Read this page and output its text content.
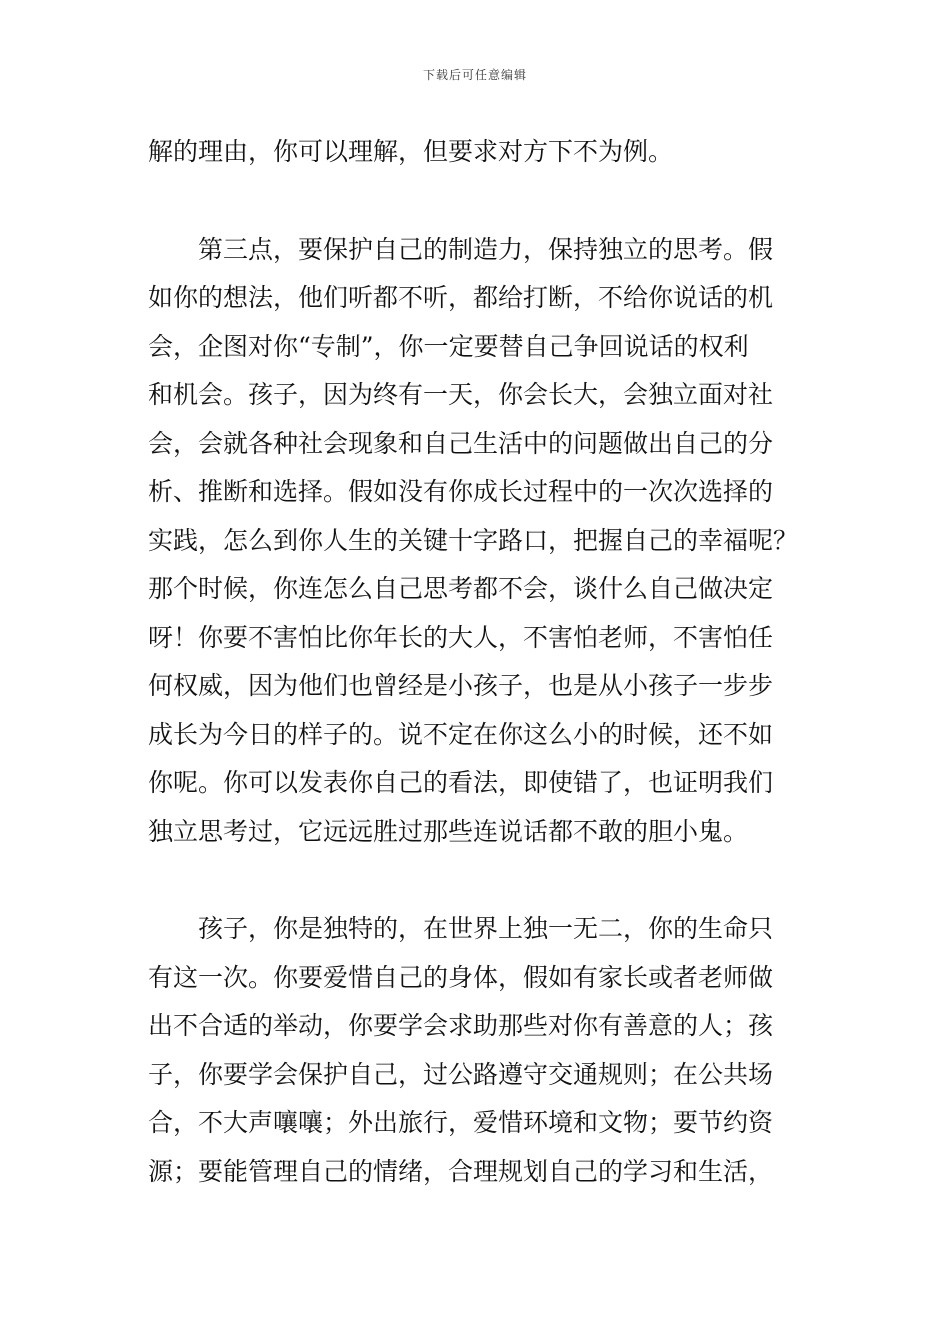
下载后可任意编辑
解的理由，你可以理解，但要求对方下不为例。
　　第三点，要保护自己的制造力，保持独立的思考。假
如你的想法，他们听都不听，都给打断，不给你说话的机
会，企图对你“专制”，你一定要替自己争回说话的权利
和机会。孩子，因为终有一天，你会长大，会独立面对社
会，会就各种社会现象和自己生活中的问题做出自己的分
析、推断和选择。假如没有你成长过程中的一次次选择的
实践，怎么到你人生的关键十字路口，把握自己的幸福呢？
那个时候，你连怎么自己思考都不会，谈什么自己做决定
呀！你要不害怕比你年长的大人，不害怕老师，不害怕任
何权威，因为他们也曾经是小孩子，也是从小孩子一步步
成长为今日的样子的。说不定在你这么小的时候，还不如
你呢。你可以发表你自己的看法，即使错了，也证明我们
独立思考过，它远远胜过那些连说话都不敢的胆小鬼。
　　孩子，你是独特的，在世界上独一无二，你的生命只
有这一次。你要爱惜自己的身体，假如有家长或者老师做
出不合适的举动，你要学会求助那些对你有善意的人；孩
子，你要学会保护自己，过公路遵守交通规则；在公共场
合，不大声嚷嚷；外出旅行，爱惜环境和文物；要节约资
源；要能管理自己的情绪，合理规划自己的学习和生活，
